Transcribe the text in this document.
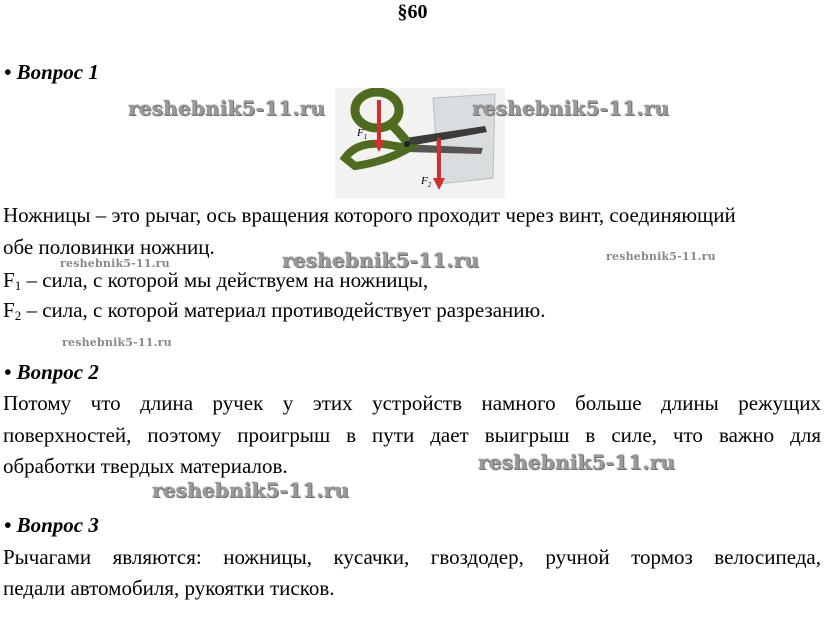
§60
• Вопрос 1
$F_1$
$F_2$
Ножницы – это рычаг, ось вращения которого проходит через винт, соединяющий
обе половинки ножниц.
$F_1$ – сила, с которой мы действуем на ножницы,
$F_2$ – сила, с которой материал противодействует разрезанию.
• Вопрос 2
Потому что длина ручек у этих устройств намного больше длины режущих
поверхностей, поэтому проигрыш в пути дает выигрыш в силе, что важно для
обработки твердых материалов.
• Вопрос 3
Рычагами являются: ножницы, кусачки, гвоздодер, ручной тормоз велосипеда,
педали автомобиля, рукоятки тисков.
reshebnik5-11.ru	reshebnik5-11.ru
reshebnik5-11.ru
reshebnik5-11.ru
reshebnik5-11.ru
reshebnik5-11.ru
reshebnik5-11.ru
reshebnik5-11.ru
